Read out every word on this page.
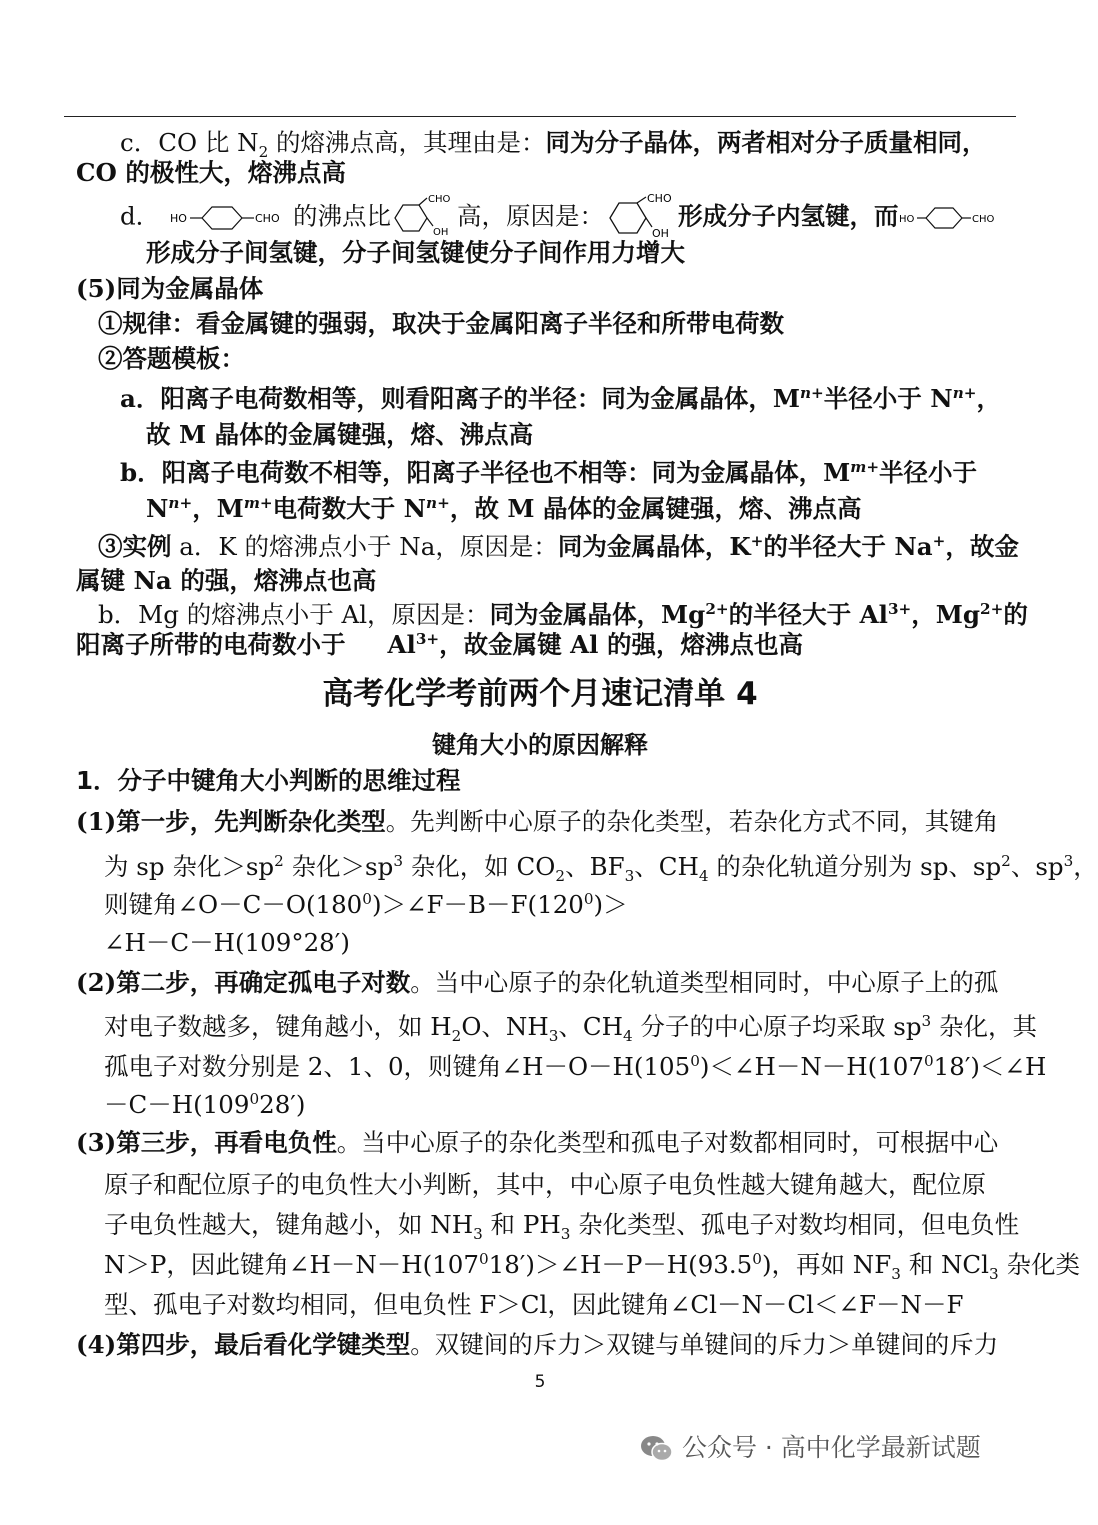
c．CO 比 $N_2$ 的熔沸点高，其理由是：同为分子晶体，两者相对分子质量相同，
CO 的极性大，熔沸点高
d． HO	CHO 的沸点比
CHO
OH
高，原因是：
CHO
OH
形成分子内氢键，而 HO	CHO
形成分子间氢键，分子间氢键使分子间作用力增大
(5)同为金属晶体
①规律：看金属键的强弱，取决于金属阳离子半径和所带电荷数
②答题模板：
a．阳离子电荷数相等，则看阳离子的半径：同为金属晶体，$M^{n+}$半径小于 $N^{n+}$，
故 M 晶体的金属键强，熔、沸点高
b．阳离子电荷数不相等，阳离子半径也不相等：同为金属晶体，$M^{m+}$半径小于
$N^{n+}$，$M^{m+}$电荷数大于 $N^{n+}$，故 M 晶体的金属键强，熔、沸点高
③实例 a．K 的熔沸点小于 Na，原因是：同为金属晶体，K+的半径大于 Na+，故金
属键 Na 的强，熔沸点也高
b．Mg 的熔沸点小于 Al，原因是：同为金属晶体，$Mg^{2+}$的半径大于 $Al^{3+}$，$Mg^{2+}$的
阳离子所带的电荷数小于 $Al^{3+}$，故金属键 Al 的强，熔沸点也高
高考化学考前两个月速记清单 4
键角大小的原因解释
1．分子中键角大小判断的思维过程
(1)第一步，先判断杂化类型。先判断中心原子的杂化类型，若杂化方式不同，其键角
为 sp 杂化$>sp^2$ 杂化$>sp^3$ 杂化，如 $CO_2$、$BF_3$、$CH_4$ 的杂化轨道分别为 sp、$sp^2$、$sp^3$，
则键角$\angle O-C-O(180^0)>\angle F-B-F(120^0)>$
∠H－C－H(109°28′)
(2)第二步，再确定孤电子对数。当中心原子的杂化轨道类型相同时，中心原子上的孤
对电子数越多，键角越小，如 $H_2O$、$NH_3$、$CH_4$ 分子的中心原子均采取 $sp^3$ 杂化，其
孤电子对数分别是 2、1、0，则键角$\angle H-O-H(105^0)<\angle H-N-H(107^018')<\angle H$
$-C-H(109^028')$
(3)第三步，再看电负性。当中心原子的杂化类型和孤电子对数都相同时，可根据中心
原子和配位原子的电负性大小判断，其中，中心原子电负性越大键角越大，配位原
子电负性越大，键角越小，如 $NH_3$ 和 $PH_3$ 杂化类型、孤电子对数均相同，但电负性
N＞P，因此键角$\angle H-N-H(107^018')>\angle H-P-H(93.5^0)$，再如 $NF_3$ 和 NCl$_3$ 杂化类
型、孤电子对数均相同，但电负性 F＞Cl，因此键角∠Cl－N－Cl＜∠F－N－F
(4)第四步，最后看化学键类型。双键间的斥力＞双键与单键间的斥力＞单键间的斥力
5
公众号 · 高中化学最新试题
